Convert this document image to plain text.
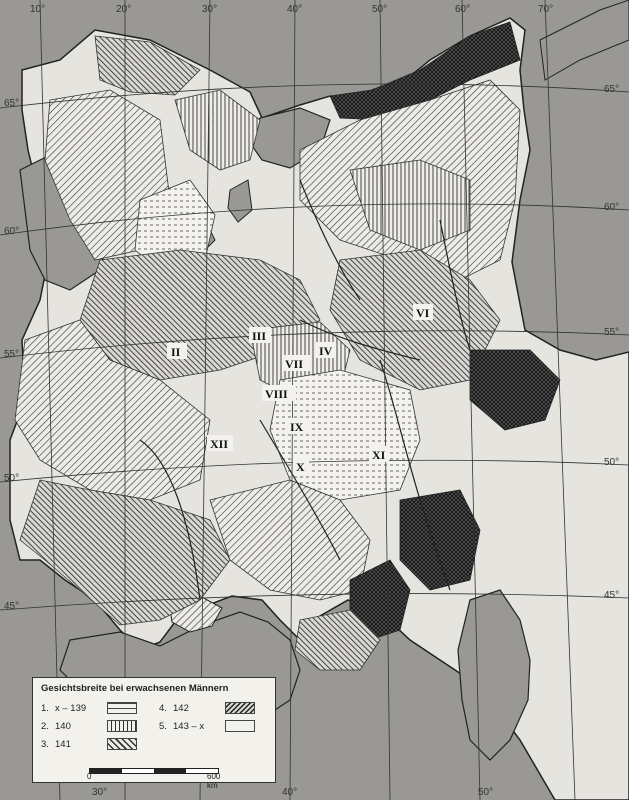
10°	20°	30°	40°	50°	60°	70°
30°	40°	50°
65°
60°
55°
50°
45°
65°
60°
55°
50°
45°
II
III
IV
VI
VII
VIII
IX
X
XI
XII
Gesichtsbreite bei erwachsenen Männern
1. x – 139
2. 140
3. 141
4. 142
5. 143 – x
0	600 km
